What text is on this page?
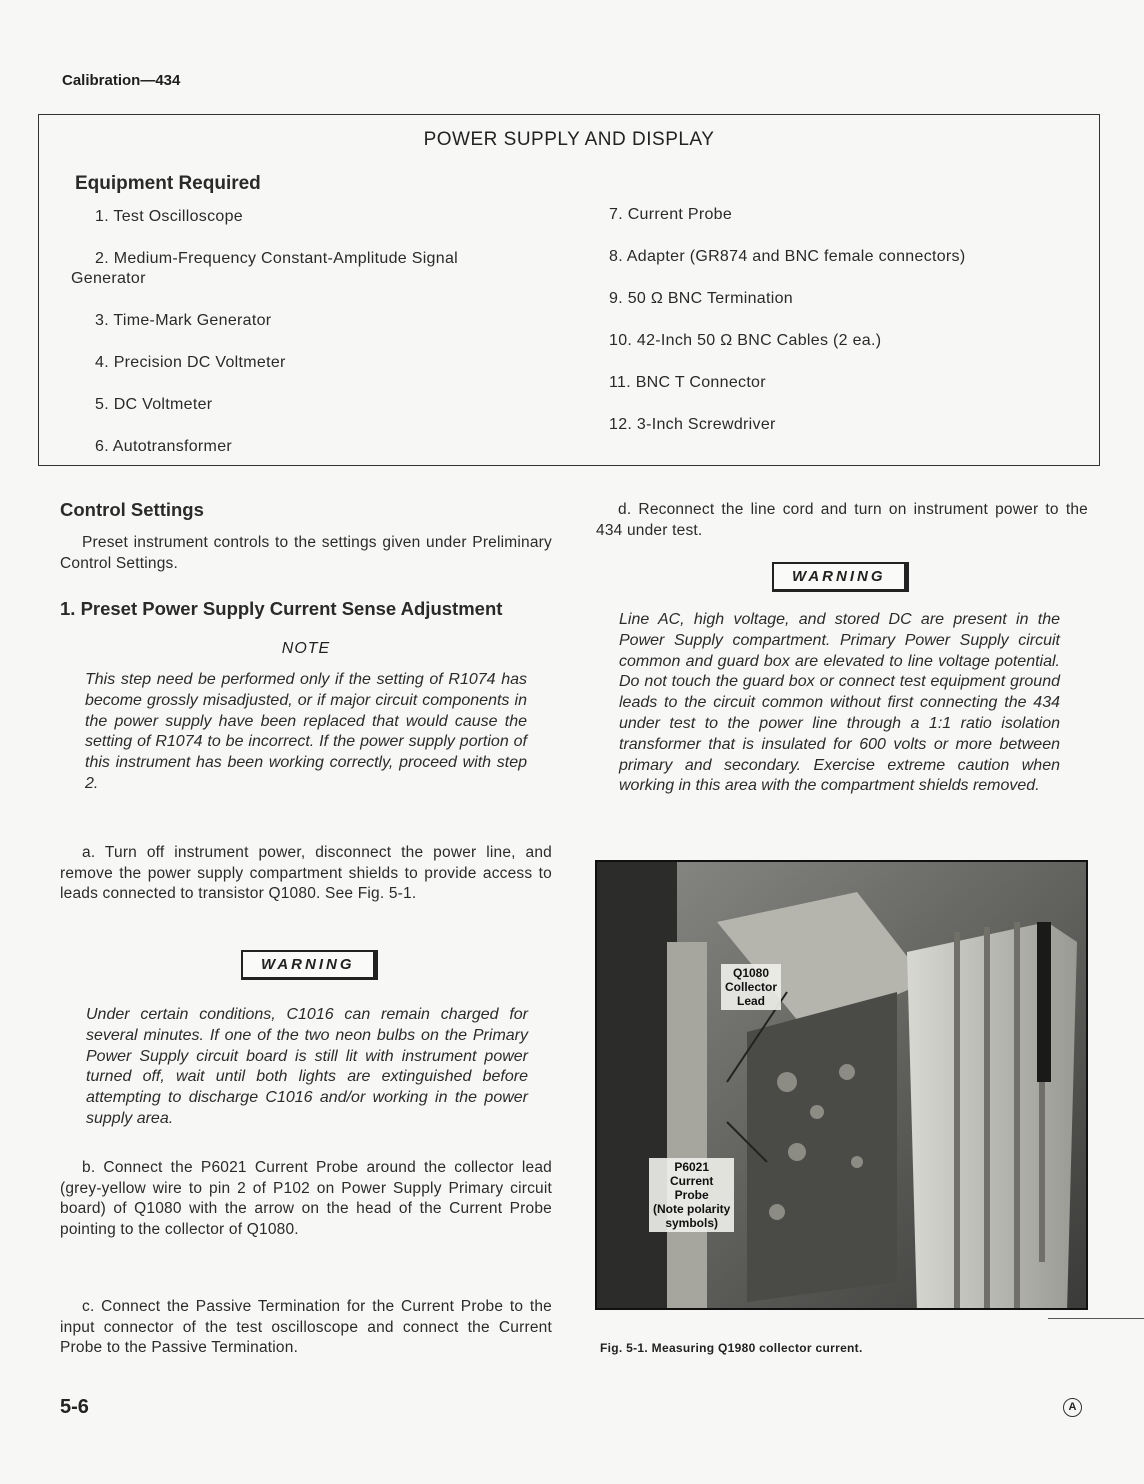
Calibration—434
POWER SUPPLY AND DISPLAY
Equipment Required
1. Test Oscilloscope
2. Medium-Frequency Constant-Amplitude Signal Generator
3. Time-Mark Generator
4. Precision DC Voltmeter
5. DC Voltmeter
6. Autotransformer
7. Current Probe
8. Adapter (GR874 and BNC female connectors)
9. 50 Ω BNC Termination
10. 42-Inch 50 Ω BNC Cables (2 ea.)
11. BNC T Connector
12. 3-Inch Screwdriver
Control Settings

Preset instrument controls to the settings given under Preliminary Control Settings.

1. Preset Power Supply Current Sense Adjustment
NOTE
This step need be performed only if the setting of R1074 has become grossly misadjusted, or if major circuit components in the power supply have been replaced that would cause the setting of R1074 to be incorrect. If the power supply portion of this instrument has been working correctly, proceed with step 2.

a. Turn off instrument power, disconnect the power line, and remove the power supply compartment shields to provide access to leads connected to transistor Q1080. See Fig. 5-1.

WARNING
Under certain conditions, C1016 can remain charged for several minutes. If one of the two neon bulbs on the Primary Power Supply circuit board is still lit with instrument power turned off, wait until both lights are extinguished before attempting to discharge C1016 and/or working in the power supply area.

b. Connect the P6021 Current Probe around the collector lead (grey-yellow wire to pin 2 of P102 on Power Supply Primary circuit board) of Q1080 with the arrow on the head of the Current Probe pointing to the collector of Q1080.

c. Connect the Passive Termination for the Current Probe to the input connector of the test oscilloscope and connect the Current Probe to the Passive Termination.

d. Reconnect the line cord and turn on instrument power to the 434 under test.

WARNING
Line AC, high voltage, and stored DC are present in the Power Supply compartment. Primary Power Supply circuit common and guard box are elevated to line voltage potential. Do not touch the guard box or connect test equipment ground leads to the circuit common without first connecting the 434 under test to the power line through a 1:1 ratio isolation transformer that is insulated for 600 volts or more between primary and secondary. Exercise extreme caution when working in this area with the compartment shields removed.
Q1080
Collector
Lead
P6021
Current
Probe
(Note polarity
symbols)
Fig. 5-1. Measuring Q1980 collector current.
5-6	A
